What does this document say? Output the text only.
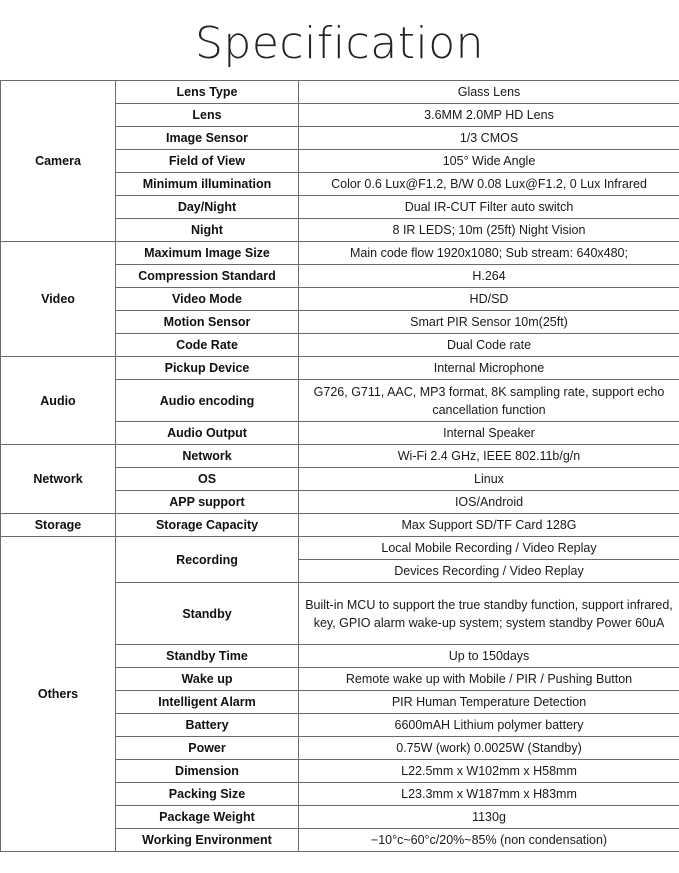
Specification
Camera	Lens Type	Glass Lens
	Lens	3.6MM 2.0MP HD Lens
	Image Sensor	1/3 CMOS
	Field of View	105° Wide Angle
	Minimum illumination	Color 0.6 Lux@F1.2, B/W 0.08 Lux@F1.2, 0 Lux Infrared
	Day/Night	Dual IR-CUT Filter auto switch
	Night	8 IR LEDS; 10m (25ft) Night Vision
Video	Maximum Image Size	Main code flow 1920x1080; Sub stream: 640x480;
	Compression Standard	H.264
	Video Mode	HD/SD
	Motion Sensor	Smart PIR Sensor 10m(25ft)
	Code Rate	Dual Code rate
Audio	Pickup Device	Internal Microphone
	Audio encoding	G726, G711, AAC, MP3 format, 8K sampling rate, support echo cancellation function
	Audio Output	Internal Speaker
Network	Network	Wi-Fi 2.4 GHz, IEEE 802.11b/g/n
	OS	Linux
	APP support	IOS/Android
Storage	Storage Capacity	Max Support SD/TF Card 128G
Others	Recording	Local Mobile Recording / Video Replay
		Devices Recording / Video Replay
	Standby	Built-in MCU to support the true standby function, support infrared, key, GPIO alarm wake-up system; system standby Power 60uA
	Standby Time	Up to 150days
	Wake up	Remote wake up with Mobile / PIR / Pushing Button
	Intelligent Alarm	PIR Human Temperature Detection
	Battery	6600mAH Lithium polymer battery
	Power	0.75W (work) 0.0025W (Standby)
	Dimension	L22.5mm x W102mm x H58mm
	Packing Size	L23.3mm x W187mm x H83mm
	Package Weight	1130g
	Working Environment	−10°c~60°c/20%~85% (non condensation)
